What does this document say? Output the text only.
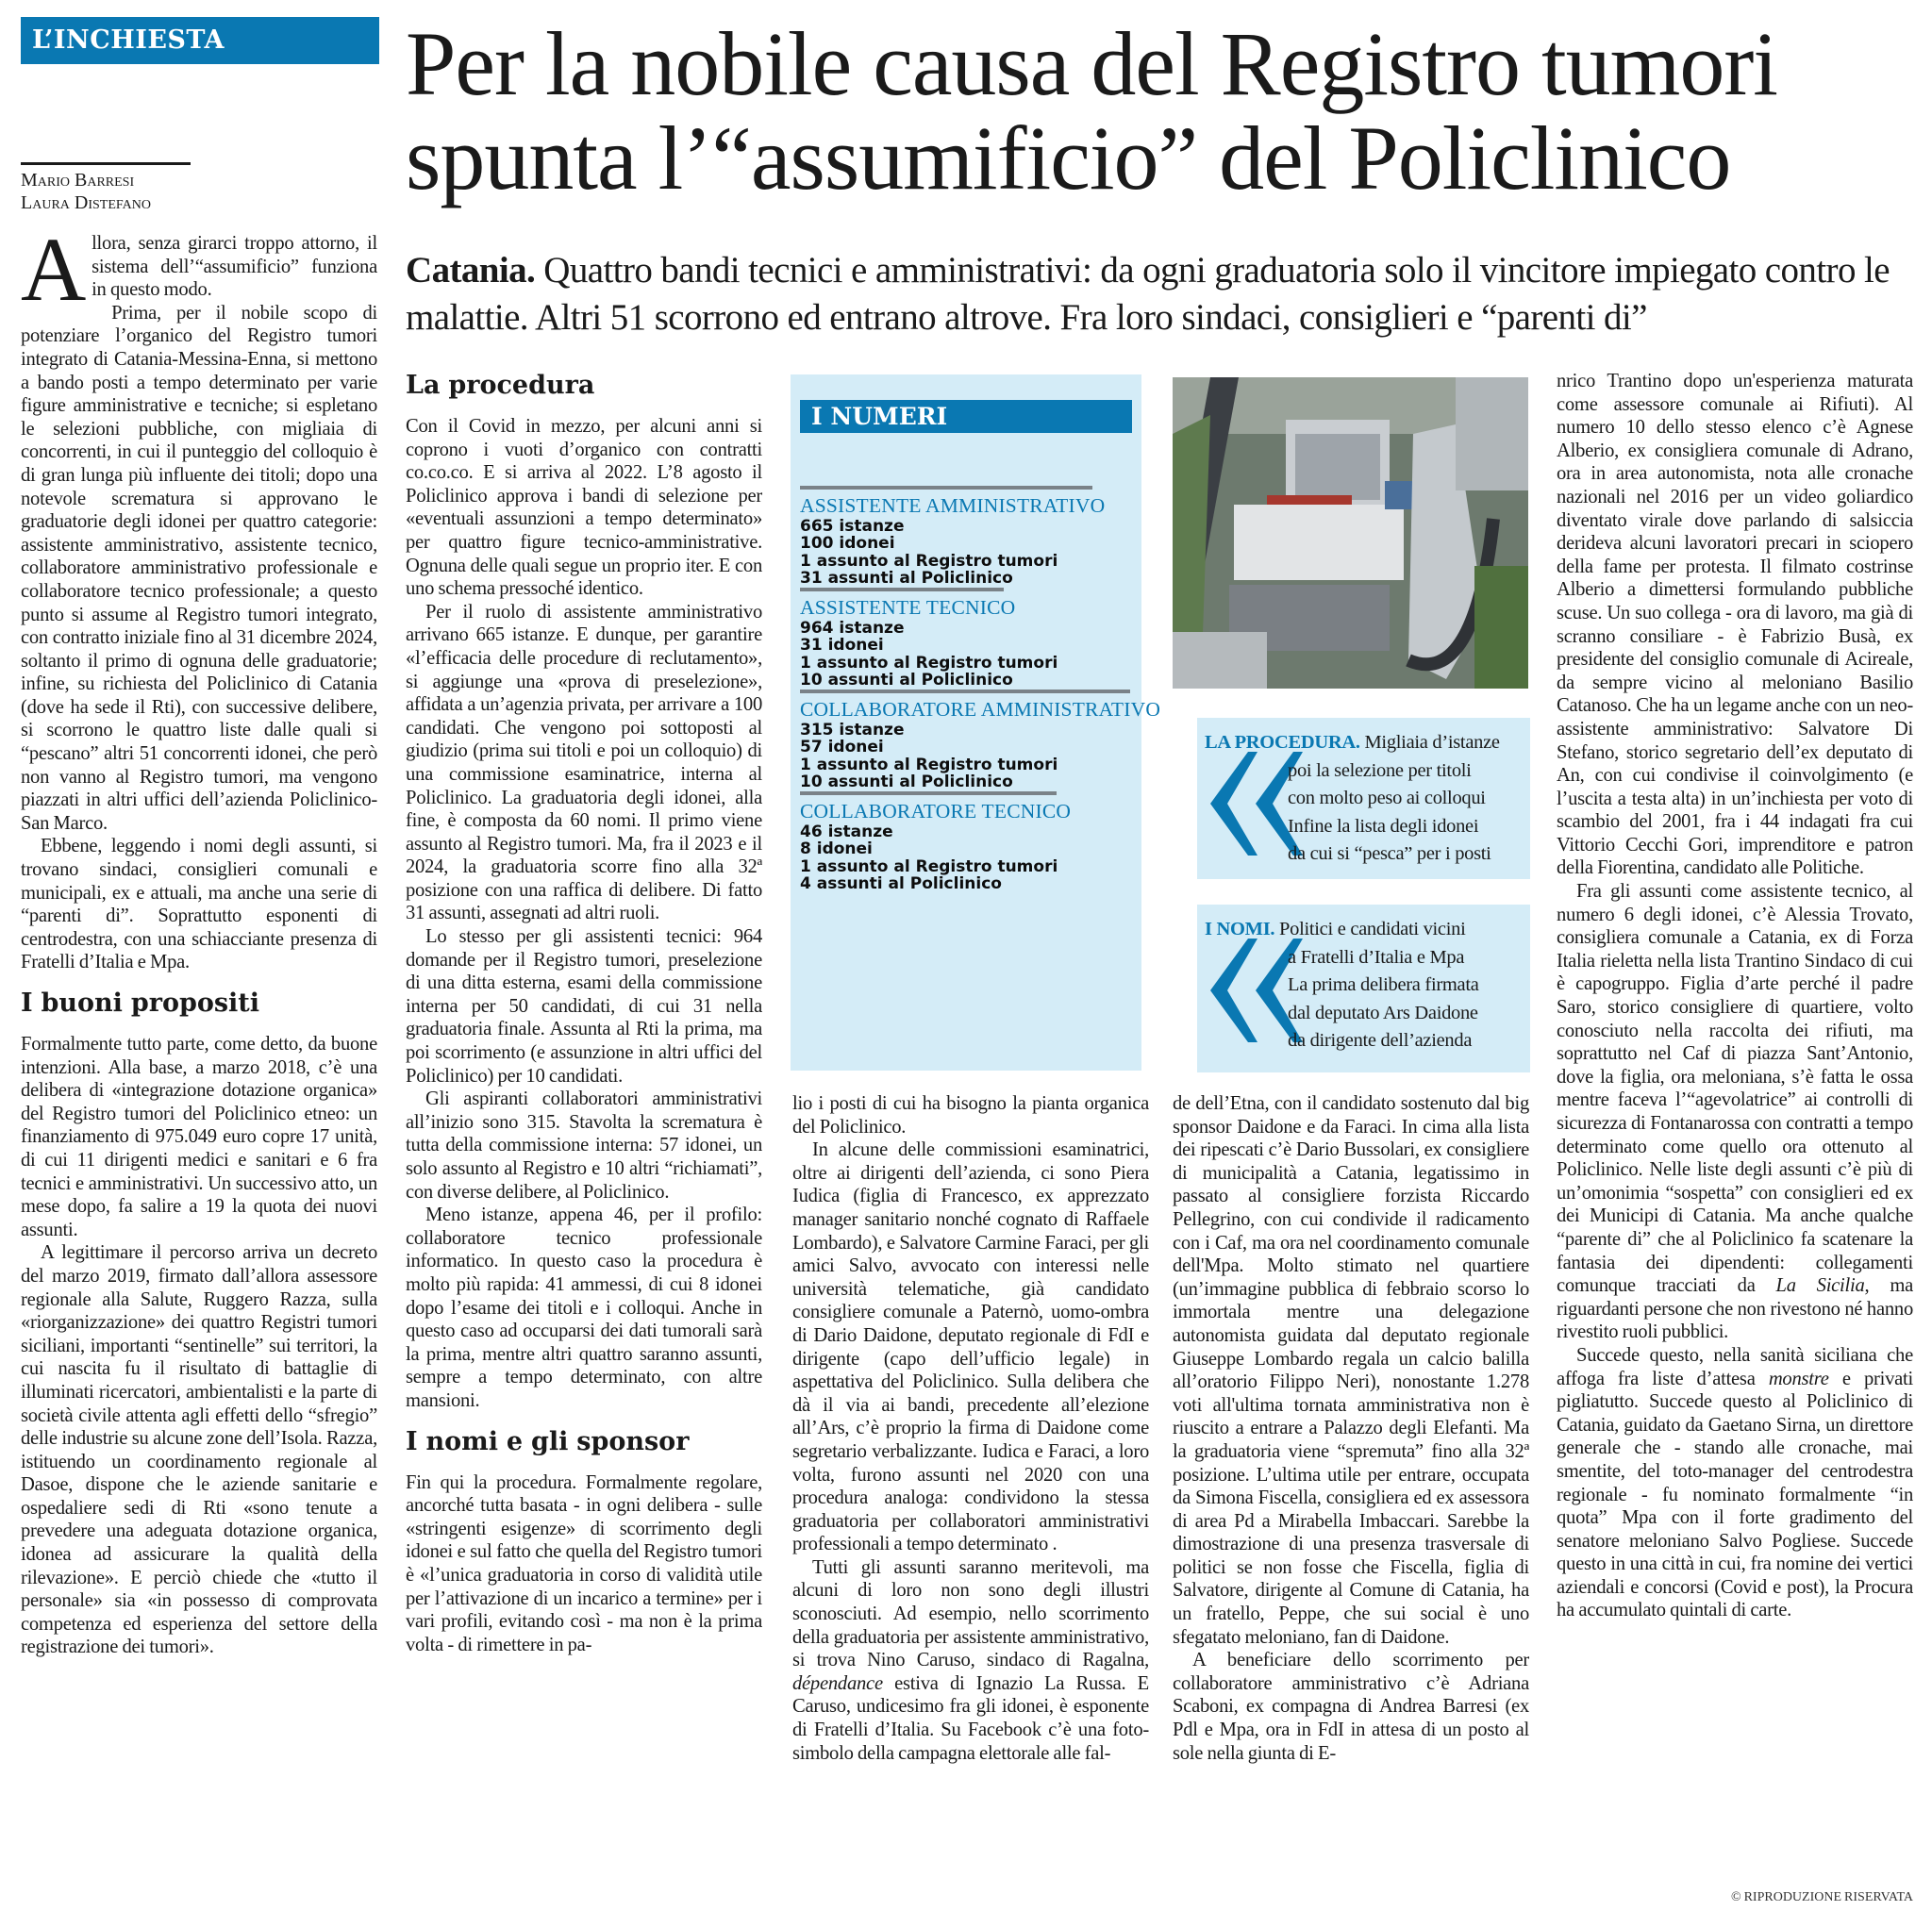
L’INCHIESTA	Per la nobile causa del Registro tumori
spunta l’“assumificio” del Policlinico
Catania. Quattro bandi tecnici e amministrativi: da ogni graduatoria solo il vincitore impiegato contro le malattie. Altri 51 scorrono ed entrano altrove. Fra loro sindaci, consiglieri e “parenti di”
Mario Barresi
Laura Distefano

Allora, senza girarci troppo attorno, il sistema dell’“assumificio” funziona in questo modo.

Prima, per il nobile scopo di potenziare l’organico del Registro tumori integrato di Catania-Messina-Enna, si mettono a bando posti a tempo determinato per varie figure amministrative e tecniche; si espletano le selezioni pubbliche, con migliaia di concorrenti, in cui il punteggio del colloquio è di gran lunga più influente dei titoli; dopo una notevole scrematura si approvano le graduatorie degli idonei per quattro categorie: assistente amministrativo, assistente tecnico, collaboratore amministrativo professionale e collaboratore tecnico professionale; a questo punto si assume al Registro tumori integrato, con contratto iniziale fino al 31 dicembre 2024, soltanto il primo di ognuna delle graduatorie; infine, su richiesta del Policlinico di Catania (dove ha sede il Rti), con successive delibere, si scorrono le quattro liste dalle quali si “pescano” altri 51 concorrenti idonei, che però non vanno al Registro tumori, ma vengono piazzati in altri uffici dell’azienda Policlinico-San Marco.

Ebbene, leggendo i nomi degli assunti, si trovano sindaci, consiglieri comunali e municipali, ex e attuali, ma anche una serie di “parenti di”. Soprattutto esponenti di centrodestra, con una schiacciante presenza di Fratelli d’Italia e Mpa.

I buoni propositi

Formalmente tutto parte, come detto, da buone intenzioni. Alla base, a marzo 2018, c’è una delibera di «integrazione dotazione organica» del Registro tumori del Policlinico etneo: un finanziamento di 975.049 euro copre 17 unità, di cui 11 dirigenti medici e sanitari e 6 fra tecnici e amministrativi. Un successivo atto, un mese dopo, fa salire a 19 la quota dei nuovi assunti.

A legittimare il percorso arriva un decreto del marzo 2019, firmato dall’allora assessore regionale alla Salute, Ruggero Razza, sulla «riorganizzazione» dei quattro Registri tumori siciliani, importanti “sentinelle” sui territori, la cui nascita fu il risultato di battaglie di illuminati ricercatori, ambientalisti e la parte di società civile attenta agli effetti dello “sfregio” delle industrie su alcune zone dell’Isola. Razza, istituendo un coordinamento regionale al Dasoe, dispone che le aziende sanitarie e ospedaliere sedi di Rti «sono tenute a prevedere una adeguata dotazione organica, idonea ad assicurare la qualità della rilevazione». E perciò chiede che «tutto il personale» sia «in possesso di comprovata competenza ed esperienza del settore della registrazione dei tumori».

La procedura

Con il Covid in mezzo, per alcuni anni si coprono i vuoti d’organico con contratti co.co.co. E si arriva al 2022. L’8 agosto il Policlinico approva i bandi di selezione per «eventuali assunzioni a tempo determinato» per quattro figure tecnico-amministrative. Ognuna delle quali segue un proprio iter. E con uno schema pressoché identico.

Per il ruolo di assistente amministrativo arrivano 665 istanze. E dunque, per garantire «l’efficacia delle procedure di reclutamento», si aggiunge una «prova di preselezione», affidata a un’agenzia privata, per arrivare a 100 candidati. Che vengono poi sottoposti al giudizio (prima sui titoli e poi un colloquio) di una commissione esaminatrice, interna al Policlinico. La graduatoria degli idonei, alla fine, è composta da 60 nomi. Il primo viene assunto al Registro tumori. Ma, fra il 2023 e il 2024, la graduatoria scorre fino alla 32ª posizione con una raffica di delibere. Di fatto 31 assunti, assegnati ad altri ruoli.

Lo stesso per gli assistenti tecnici: 964 domande per il Registro tumori, preselezione di una ditta esterna, esami della commissione interna per 50 candidati, di cui 31 nella graduatoria finale. Assunta al Rti la prima, ma poi scorrimento (e assunzione in altri uffici del Policlinico) per 10 candidati.

Gli aspiranti collaboratori amministrativi all’inizio sono 315. Stavolta la scrematura è tutta della commissione interna: 57 idonei, un solo assunto al Registro e 10 altri “richiamati”, con diverse delibere, al Policlinico.

Meno istanze, appena 46, per il profilo: collaboratore tecnico professionale informatico. In questo caso la procedura è molto più rapida: 41 ammessi, di cui 8 idonei dopo l’esame dei titoli e i colloqui. Anche in questo caso ad occuparsi dei dati tumorali sarà la prima, mentre altri quattro saranno assunti, sempre a tempo determinato, con altre mansioni.

I nomi e gli sponsor

Fin qui la procedura. Formalmente regolare, ancorché tutta basata - in ogni delibera - sulle «stringenti esigenze» di scorrimento degli idonei e sul fatto che quella del Registro tumori è «l’unica graduatoria in corso di validità utile per l’attivazione di un incarico a termine» per i vari profili, evitando così - ma non è la prima volta - di rimettere in pa-

I NUMERI
ASSISTENTE AMMINISTRATIVO
665 istanze
100 idonei
1 assunto al Registro tumori
31 assunti al Policlinico
ASSISTENTE TECNICO
964 istanze
31 idonei
1 assunto al Registro tumori
10 assunti al Policlinico
COLLABORATORE AMMINISTRATIVO
315 istanze
57 idonei
1 assunto al Registro tumori
10 assunti al Policlinico
COLLABORATORE TECNICO
46 istanze
8 idonei
1 assunto al Registro tumori
4 assunti al Policlinico

lio i posti di cui ha bisogno la pianta organica del Policlinico.

In alcune delle commissioni esaminatrici, oltre ai dirigenti dell’azienda, ci sono Piera Iudica (figlia di Francesco, ex apprezzato manager sanitario nonché cognato di Raffaele Lombardo), e Salvatore Carmine Faraci, per gli amici Salvo, avvocato con interessi nelle università telematiche, già candidato consigliere comunale a Paternò, uomo-ombra di Dario Daidone, deputato regionale di FdI e dirigente (capo dell’ufficio legale) in aspettativa del Policlinico. Sulla delibera che dà il via ai bandi, precedente all’elezione all’Ars, c’è proprio la firma di Daidone come segretario verbalizzante. Iudica e Faraci, a loro volta, furono assunti nel 2020 con una procedura analoga: condividono la stessa graduatoria per collaboratori amministrativi professionali a tempo determinato .

Tutti gli assunti saranno meritevoli, ma alcuni di loro non sono degli illustri sconosciuti. Ad esempio, nello scorrimento della graduatoria per assistente amministrativo, si trova Nino Caruso, sindaco di Ragalna, dépendance estiva di Ignazio La Russa. E Caruso, undicesimo fra gli idonei, è esponente di Fratelli d’Italia. Su Facebook c’è una foto-simbolo della campagna elettorale alle fal-

LA PROCEDURA. Migliaia d’istanze
poi la selezione per titoli
con molto peso ai colloqui
Infine la lista degli idonei
da cui si “pesca” per i posti
I NOMI. Politici e candidati vicini
a Fratelli d’Italia e Mpa
La prima delibera firmata
dal deputato Ars Daidone
da dirigente dell’azienda

de dell’Etna, con il candidato sostenuto dal big sponsor Daidone e da Faraci. In cima alla lista dei ripescati c’è Dario Bussolari, ex consigliere di municipalità a Catania, legatissimo in passato al consigliere forzista Riccardo Pellegrino, con cui condivide il radicamento con i Caf, ma ora nel coordinamento comunale dell'Mpa. Molto stimato nel quartiere (un’immagine pubblica di febbraio scorso lo immortala mentre una delegazione autonomista guidata dal deputato regionale Giuseppe Lombardo regala un calcio balilla all’oratorio Filippo Neri), nonostante 1.278 voti all'ultima tornata amministrativa non è riuscito a entrare a Palazzo degli Elefanti. Ma la graduatoria viene “spremuta” fino alla 32ª posizione. L’ultima utile per entrare, occupata da Simona Fiscella, consigliera ed ex assessora di area Pd a Mirabella Imbaccari. Sarebbe la dimostrazione di una presenza trasversale di politici se non fosse che Fiscella, figlia di Salvatore, dirigente al Comune di Catania, ha un fratello, Peppe, che sui social è uno sfegatato meloniano, fan di Daidone.

A beneficiare dello scorrimento per collaboratore amministrativo c’è Adriana Scaboni, ex compagna di Andrea Barresi (ex Pdl e Mpa, ora in FdI in attesa di un posto al sole nella giunta di E-

nrico Trantino dopo un'esperienza maturata come assessore comunale ai Rifiuti). Al numero 10 dello stesso elenco c’è Agnese Alberio, ex consigliera comunale di Adrano, ora in area autonomista, nota alle cronache nazionali nel 2016 per un video goliardico diventato virale dove parlando di salsiccia derideva alcuni lavoratori precari in sciopero della fame per protesta. Il filmato costrinse Alberio a dimettersi formulando pubbliche scuse. Un suo collega - ora di lavoro, ma già di scranno consiliare - è Fabrizio Busà, ex presidente del consiglio comunale di Acireale, da sempre vicino al meloniano Basilio Catanoso. Che ha un legame anche con un neo-assistente amministrativo: Salvatore Di Stefano, storico segretario dell’ex deputato di An, con cui condivise il coinvolgimento (e l’uscita a testa alta) in un’inchiesta per voto di scambio del 2001, fra i 44 indagati fra cui Vittorio Cecchi Gori, imprenditore e patron della Fiorentina, candidato alle Politiche.

Fra gli assunti come assistente tecnico, al numero 6 degli idonei, c’è Alessia Trovato, consigliera comunale a Catania, ex di Forza Italia rieletta nella lista Trantino Sindaco di cui è capogruppo. Figlia d’arte perché il padre Saro, storico consigliere di quartiere, volto conosciuto nella raccolta dei rifiuti, ma soprattutto nel Caf di piazza Sant’Antonio, dove la figlia, ora meloniana, s’è fatta le ossa mentre faceva l’“agevolatrice” ai controlli di sicurezza di Fontanarossa con contratti a tempo determinato come quello ora ottenuto al Policlinico. Nelle liste degli assunti c’è più di un’omonimia “sospetta” con consiglieri ed ex dei Municipi di Catania. Ma anche qualche “parente di” che al Policlinico fa scatenare la fantasia dei dipendenti: collegamenti comunque tracciati da La Sicilia, ma riguardanti persone che non rivestono né hanno rivestito ruoli pubblici.

Succede questo, nella sanità siciliana che affoga fra liste d’attesa monstre e privati pigliatutto. Succede questo al Policlinico di Catania, guidato da Gaetano Sirna, un direttore generale che - stando alle cronache, mai smentite, del toto-manager del centrodestra regionale - fu nominato formalmente “in quota” Mpa con il forte gradimento del senatore meloniano Salvo Pogliese. Succede questo in una città in cui, fra nomine dei vertici aziendali e concorsi (Covid e post), la Procura ha accumulato quintali di carte.

© RIPRODUZIONE RISERVATA
